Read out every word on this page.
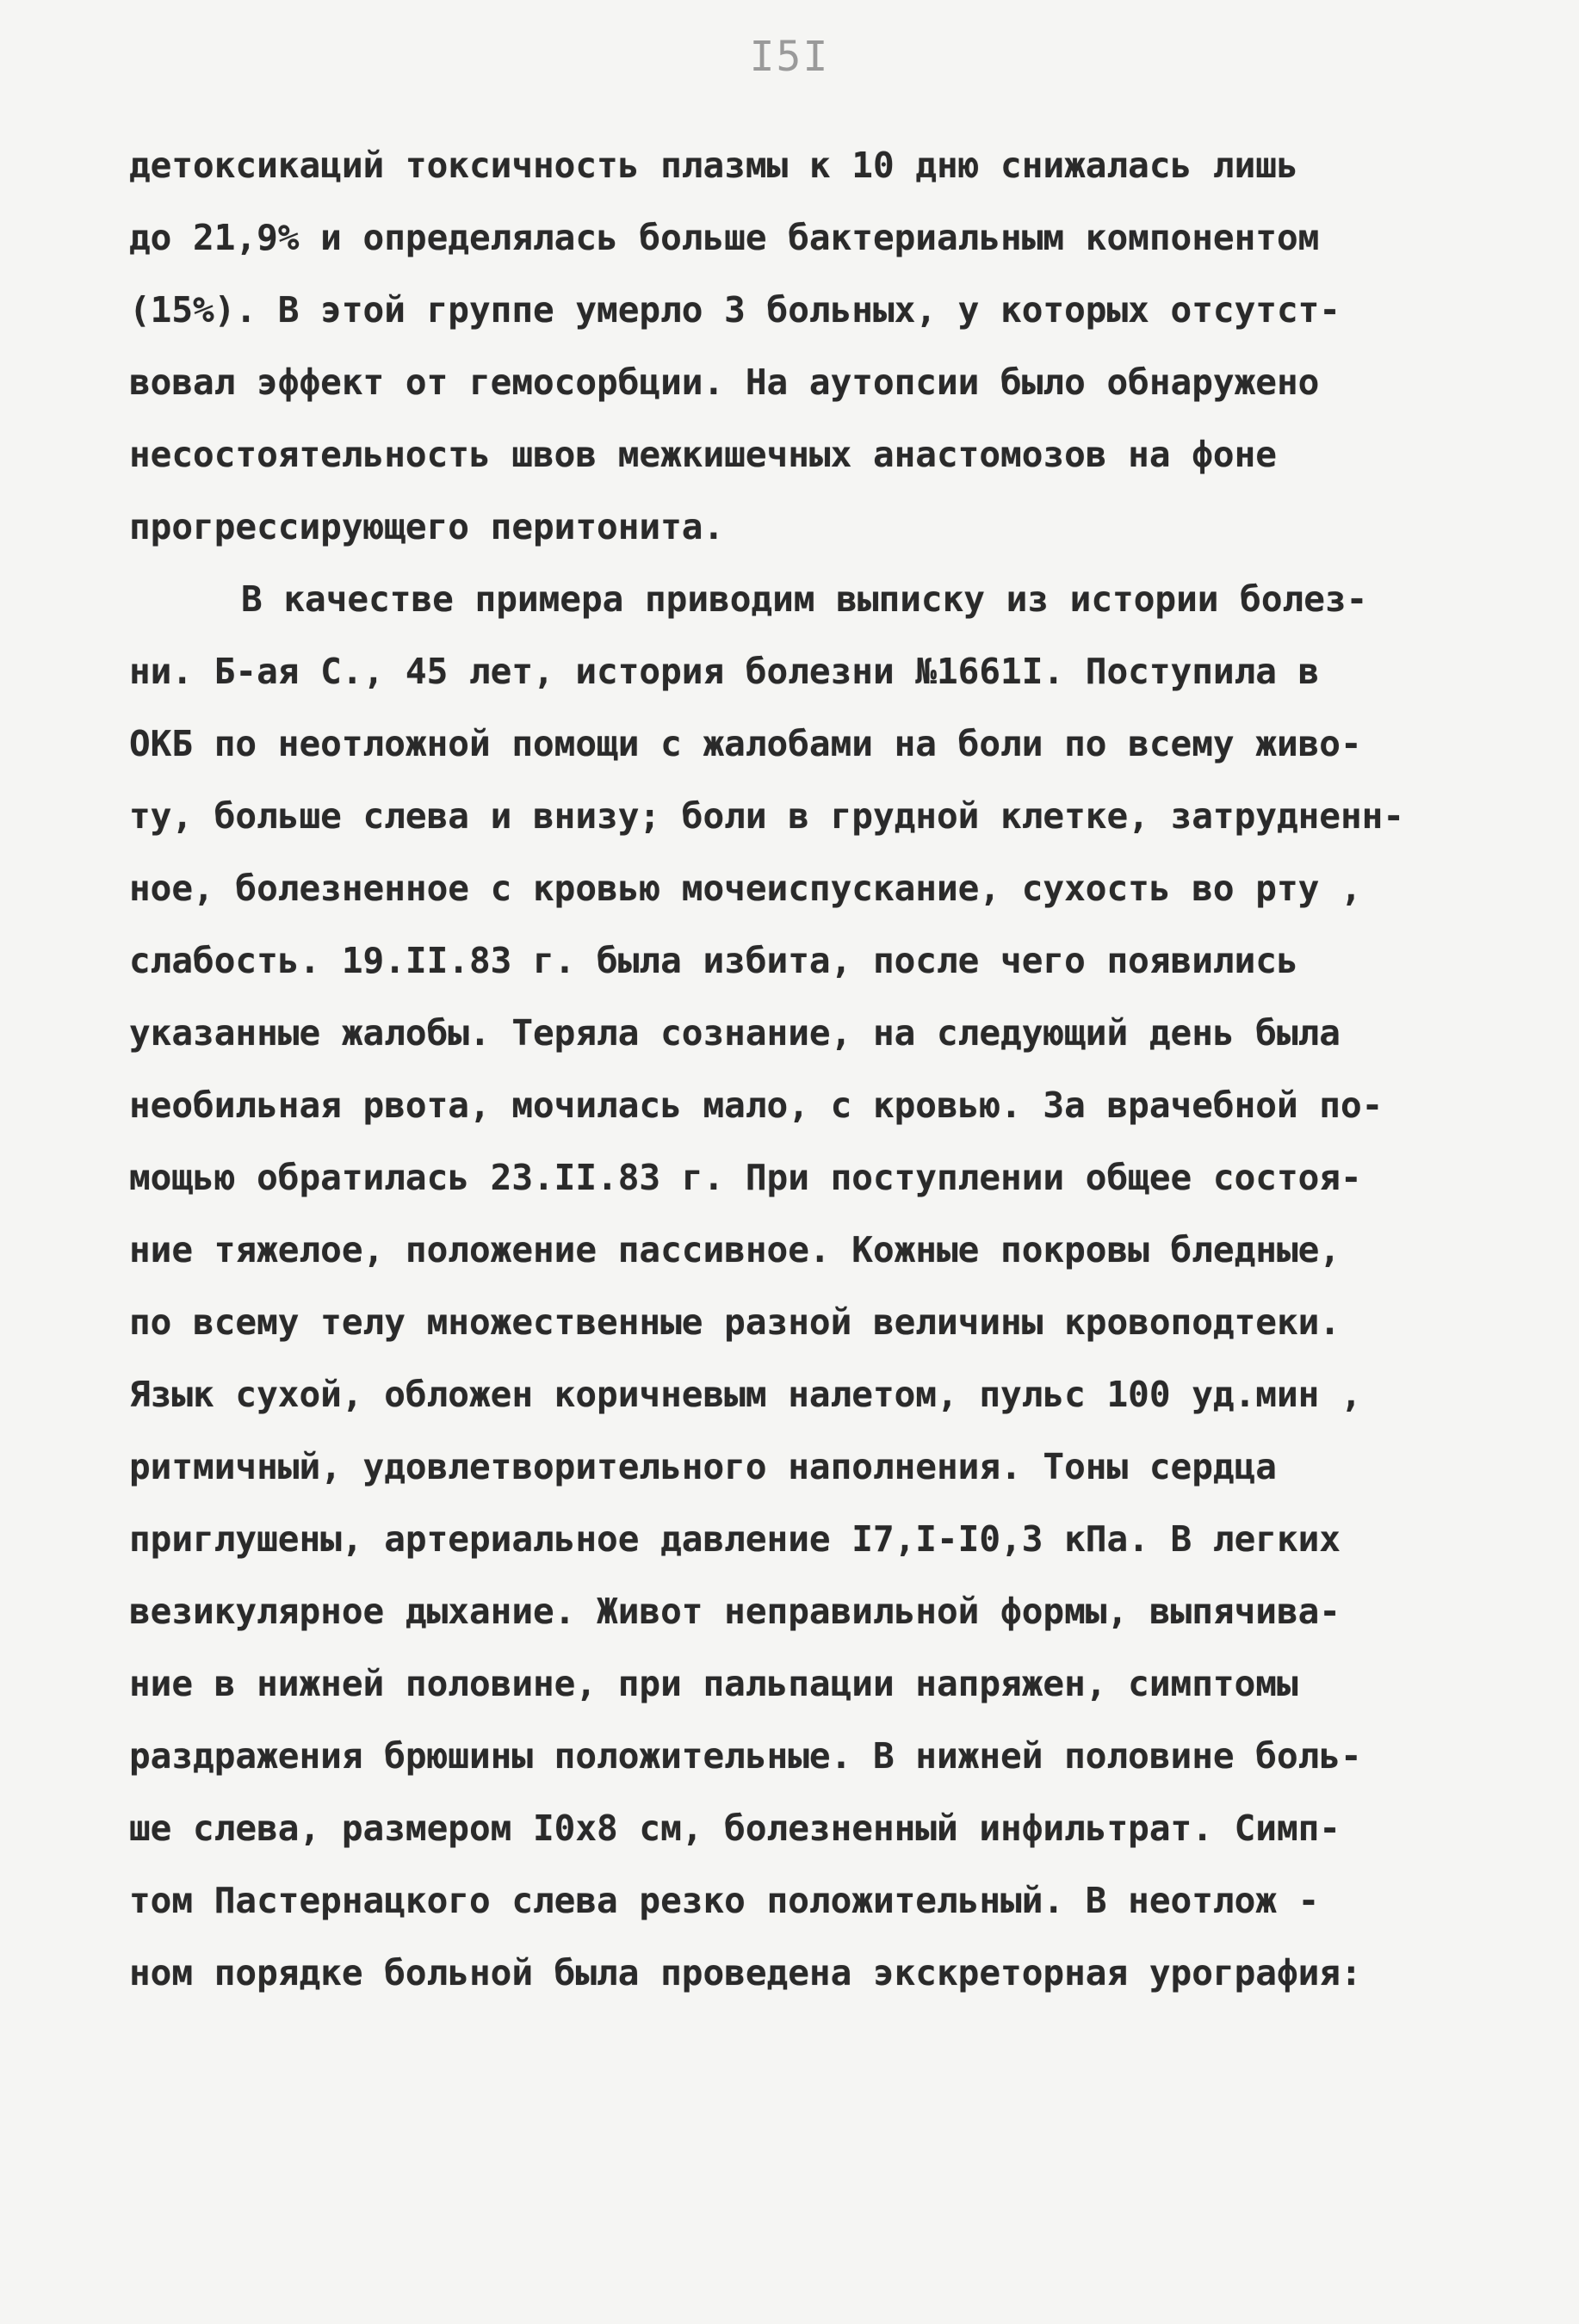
I5I
детоксикаций токсичность плазмы к 10 дню снижалась лишь
до 21,9% и определялась больше бактериальным компонентом
(15%). В этой группе умерло 3 больных, у которых отсутст-
вовал эффект от гемосорбции. На аутопсии было обнаружено
несостоятельность швов межкишечных анастомозов на фоне
прогрессирующего перитонита.
В качестве примера приводим выписку из истории болез-
ни. Б-ая С., 45 лет, история болезни №1661I. Поступила в
ОКБ по неотложной помощи с жалобами на боли по всему живо-
ту, больше слева и внизу; боли в грудной клетке, затрудненн-
ное, болезненное с кровью мочеиспускание, сухость во рту ,
слабость. 19.II.83 г. была избита, после чего появились
указанные жалобы. Теряла сознание, на следующий день была
необильная рвота, мочилась мало, с кровью. За врачебной по-
мощью обратилась 23.II.83 г. При поступлении общее состоя-
ние тяжелое, положение пассивное. Кожные покровы бледные,
по всему телу множественные разной величины кровоподтеки.
Язык сухой, обложен коричневым налетом, пульс 100 уд.мин ,
ритмичный, удовлетворительного наполнения. Тоны сердца
приглушены, артериальное давление I7,I-I0,3 кПа. В легких
везикулярное дыхание. Живот неправильной формы, выпячива-
ние в нижней половине, при пальпации напряжен, симптомы
раздражения брюшины положительные. В нижней половине боль-
ше слева, размером I0x8 см, болезненный инфильтрат. Симп-
том Пастернацкого слева резко положительный. В неотлож -
ном порядке больной была проведена экскреторная урография:
